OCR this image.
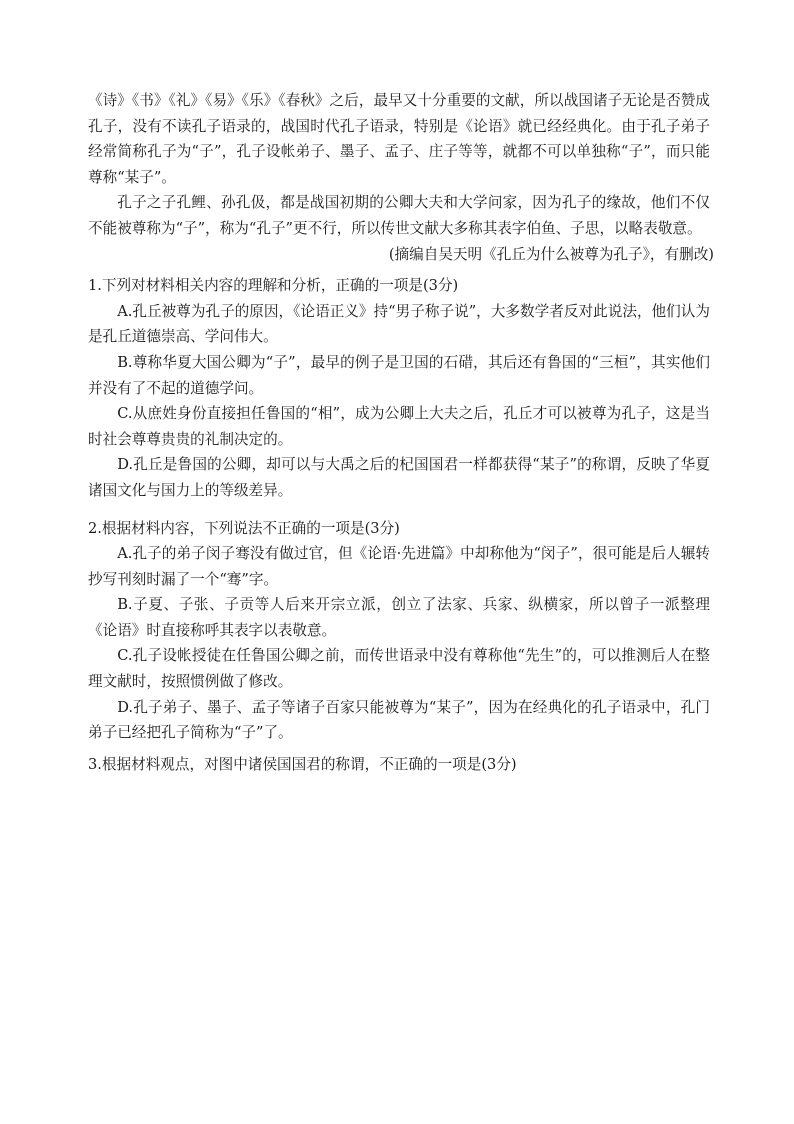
《诗》《书》《礼》《易》《乐》《春秋》之后，最早又十分重要的文献，所以战国诸子无论是否赞成孔子，没有不读孔子语录的，战国时代孔子语录，特别是《论语》就已经经典化。由于孔子弟子经常简称孔子为“子”，孔子设帐弟子、墨子、孟子、庄子等等，就都不可以单独称“子”，而只能尊称“某子”。

孔子之子孔鲤、孙孔伋，都是战国初期的公卿大夫和大学问家，因为孔子的缘故，他们不仅不能被尊称为“子”，称为“孔子”更不行，所以传世文献大多称其表字伯鱼、子思，以略表敬意。

(摘编自吴天明《孔丘为什么被尊为孔子》，有删改)

1.下列对材料相关内容的理解和分析，正确的一项是(3分)

A.孔丘被尊为孔子的原因，《论语正义》持“男子称子说”，大多数学者反对此说法，他们认为是孔丘道德崇高、学问伟大。

B.尊称华夏大国公卿为“子”，最早的例子是卫国的石碏，其后还有鲁国的“三桓”，其实他们并没有了不起的道德学问。

C.从庶姓身份直接担任鲁国的“相”，成为公卿上大夫之后，孔丘才可以被尊为孔子，这是当时社会尊尊贵贵的礼制决定的。

D.孔丘是鲁国的公卿，却可以与大禹之后的杞国国君一样都获得“某子”的称谓，反映了华夏诸国文化与国力上的等级差异。

2.根据材料内容，下列说法不正确的一项是(3分)

A.孔子的弟子闵子骞没有做过官，但《论语·先进篇》中却称他为“闵子”，很可能是后人辗转抄写刊刻时漏了一个“骞”字。

B.子夏、子张、子贡等人后来开宗立派，创立了法家、兵家、纵横家，所以曾子一派整理《论语》时直接称呼其表字以表敬意。

C.孔子设帐授徒在任鲁国公卿之前，而传世语录中没有尊称他“先生”的，可以推测后人在整理文献时，按照惯例做了修改。

D.孔子弟子、墨子、孟子等诸子百家只能被尊为“某子”，因为在经典化的孔子语录中，孔门弟子已经把孔子简称为“子”了。

3.根据材料观点，对图中诸侯国国君的称谓，不正确的一项是(3分)
